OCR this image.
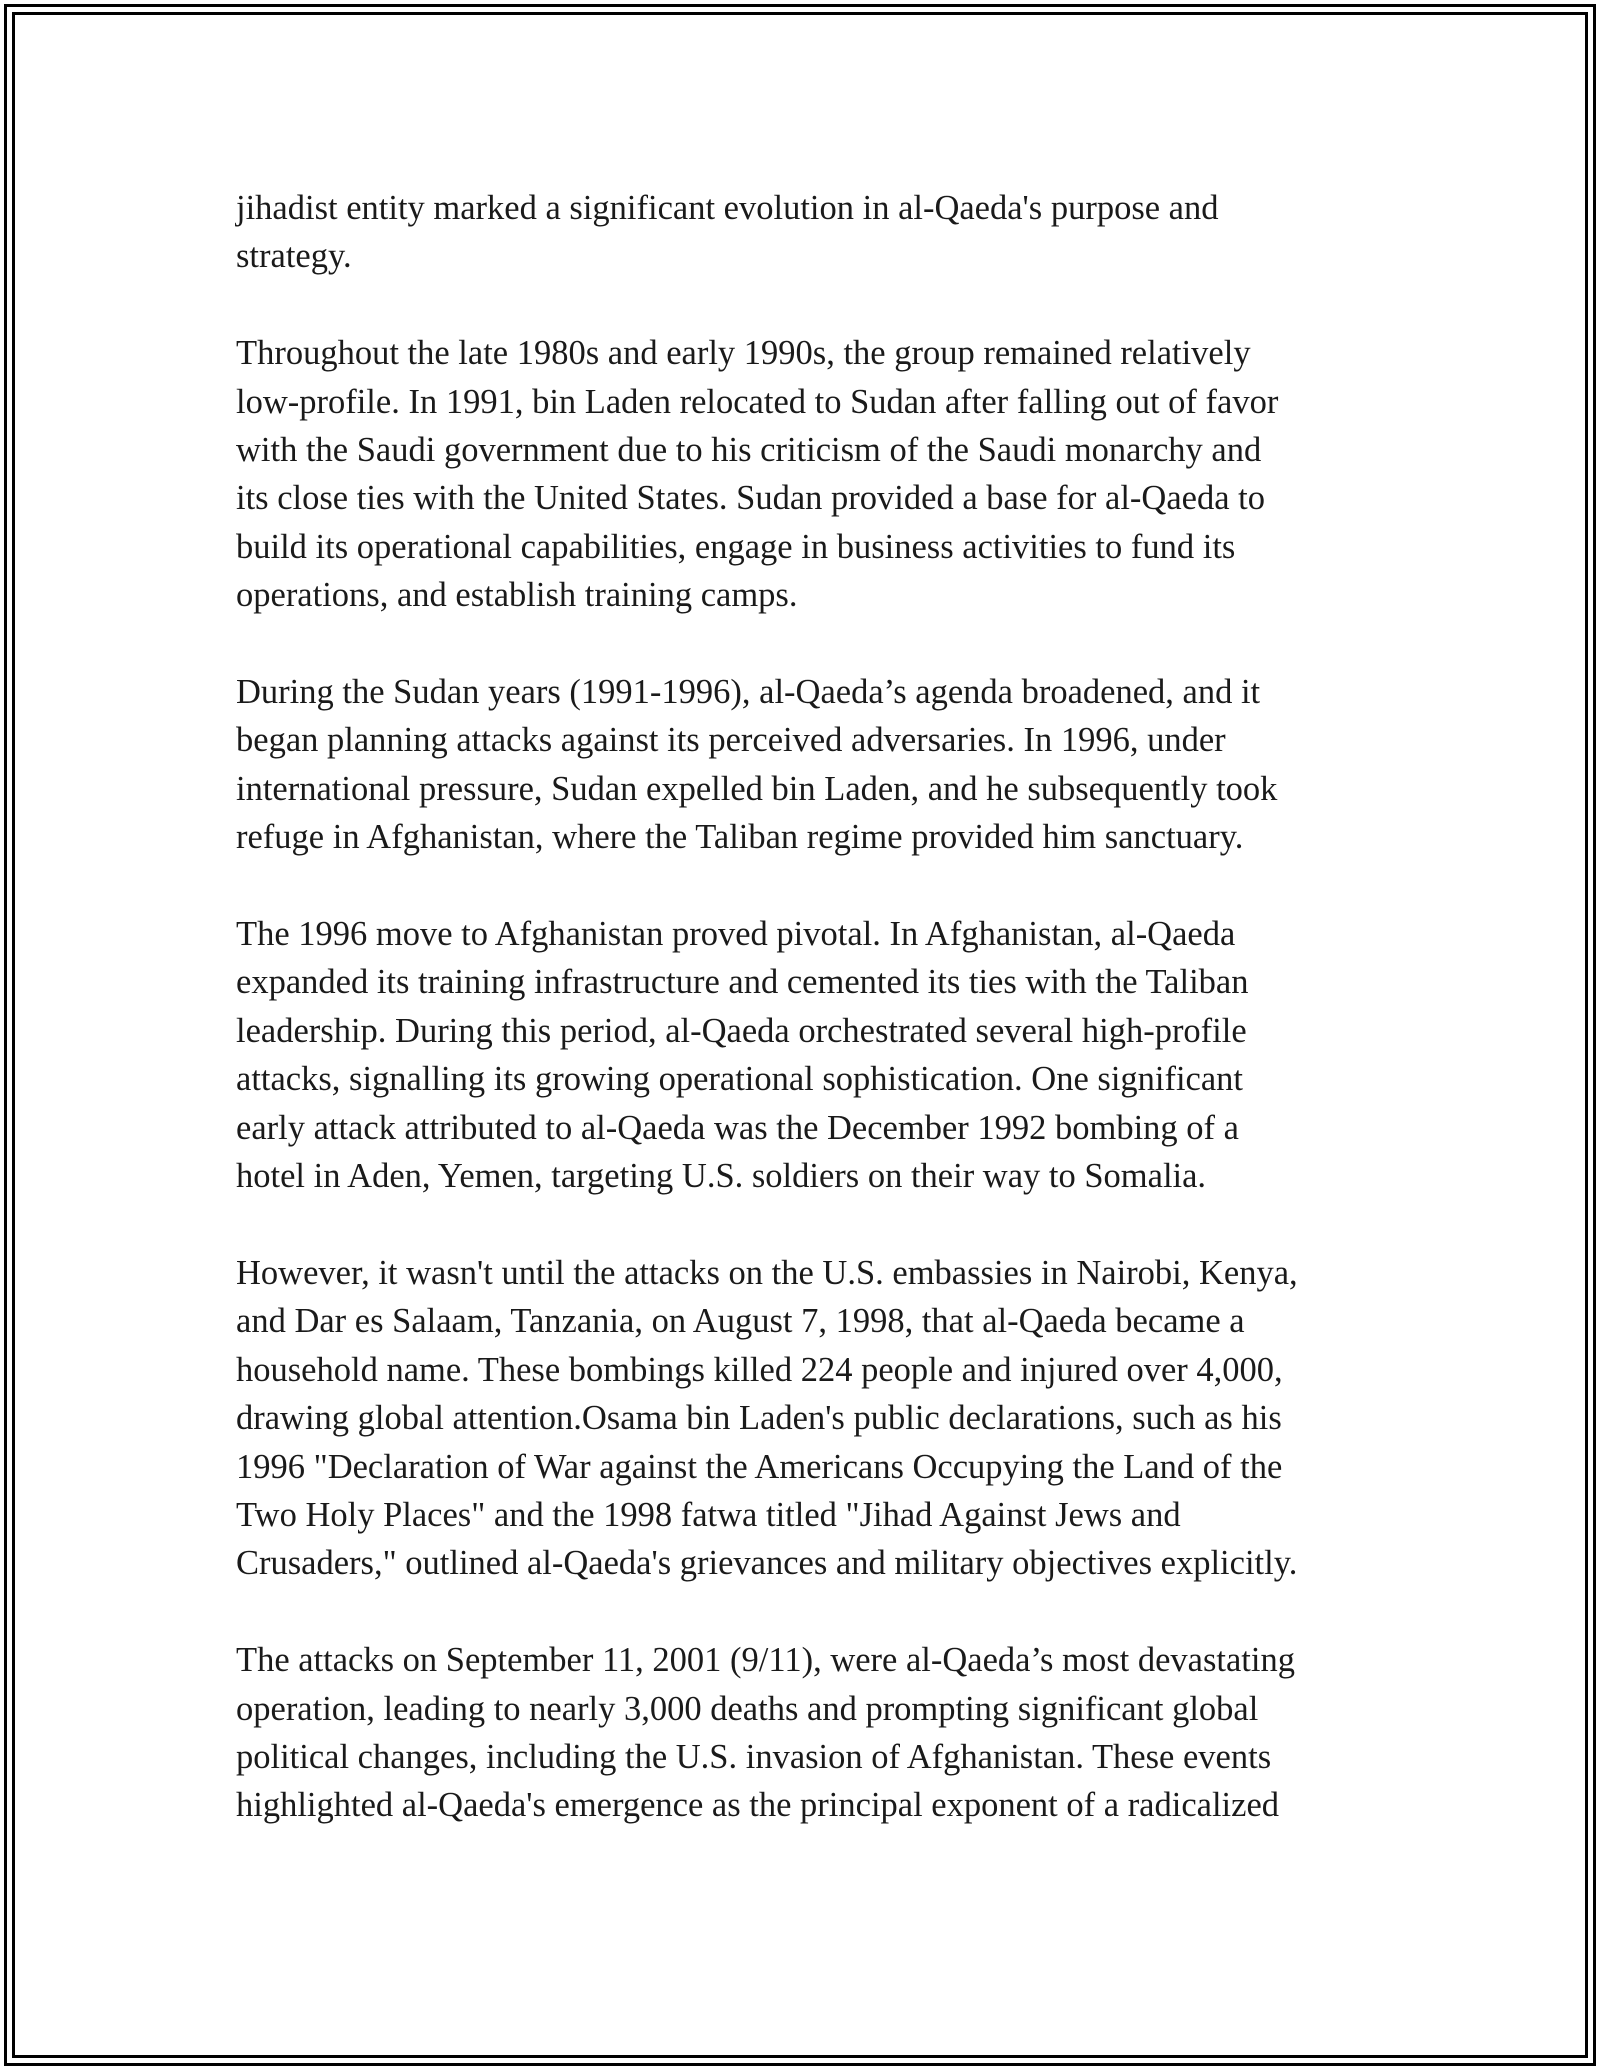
jihadist entity marked a significant evolution in al-Qaeda's purpose and
strategy.

Throughout the late 1980s and early 1990s, the group remained relatively
low-profile. In 1991, bin Laden relocated to Sudan after falling out of favor
with the Saudi government due to his criticism of the Saudi monarchy and
its close ties with the United States. Sudan provided a base for al-Qaeda to
build its operational capabilities, engage in business activities to fund its
operations, and establish training camps.

During the Sudan years (1991-1996), al-Qaeda’s agenda broadened, and it
began planning attacks against its perceived adversaries. In 1996, under
international pressure, Sudan expelled bin Laden, and he subsequently took
refuge in Afghanistan, where the Taliban regime provided him sanctuary.

The 1996 move to Afghanistan proved pivotal. In Afghanistan, al-Qaeda
expanded its training infrastructure and cemented its ties with the Taliban
leadership. During this period, al-Qaeda orchestrated several high-profile
attacks, signalling its growing operational sophistication. One significant
early attack attributed to al-Qaeda was the December 1992 bombing of a
hotel in Aden, Yemen, targeting U.S. soldiers on their way to Somalia.

However, it wasn't until the attacks on the U.S. embassies in Nairobi, Kenya,
and Dar es Salaam, Tanzania, on August 7, 1998, that al-Qaeda became a
household name. These bombings killed 224 people and injured over 4,000,
drawing global attention.Osama bin Laden's public declarations, such as his
1996 "Declaration of War against the Americans Occupying the Land of the
Two Holy Places" and the 1998 fatwa titled "Jihad Against Jews and
Crusaders," outlined al-Qaeda's grievances and military objectives explicitly.

The attacks on September 11, 2001 (9/11), were al-Qaeda’s most devastating
operation, leading to nearly 3,000 deaths and prompting significant global
political changes, including the U.S. invasion of Afghanistan. These events
highlighted al-Qaeda's emergence as the principal exponent of a radicalized
